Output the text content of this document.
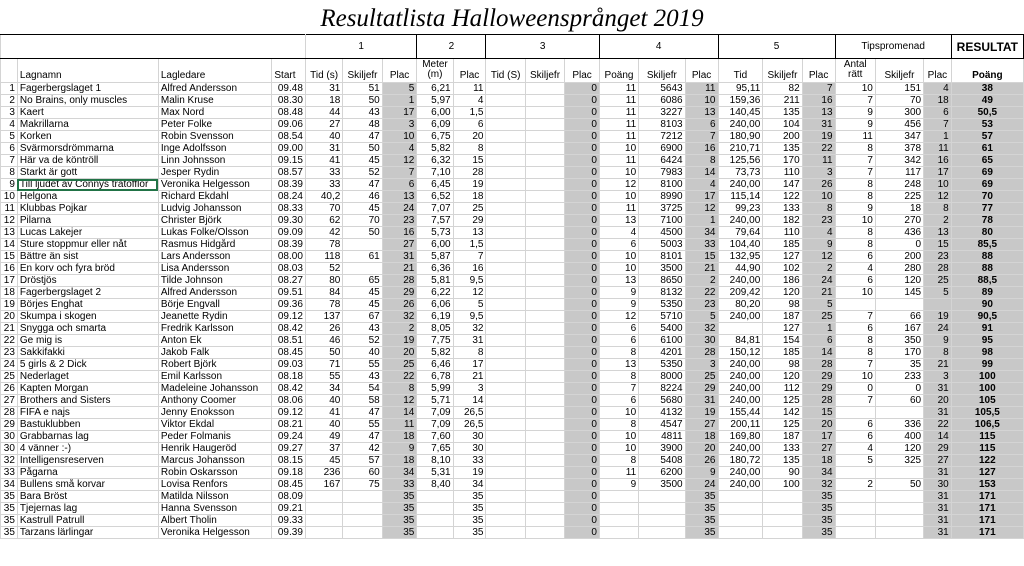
Resultatlista Halloweensprånget 2019
				1			2		3			4			5			Tipspromenad			RESULTAT
	Lagnamn	Lagledare	Start	Tid (s)	Skiljefr	Plac	Meter
(m)	Plac	Tid (S)	Skiljefr	Plac	Poäng	Skiljefr	Plac	Tid	Skiljefr	Plac	Antal
rätt	Skiljefr	Plac	Poäng
1	Fagerbergslaget 1	Alfred Andersson	09.48	31	51	5	6,21	11			0	11	5643	11	95,11	82	7	10	151	4	38
2	No Brains, only muscles	Malin Kruse	08.30	18	50	1	5,97	4			0	11	6086	10	159,36	211	16	7	70	18	49
3	Kaert	Max Nord	08.48	44	43	17	6,00	1,5			0	11	3227	13	140,45	135	13	9	300	6	50,5
4	Makrillarna	Peter Folke	09.06	27	48	3	6,09	6			0	11	8103	6	240,00	104	31	9	456	7	53
5	Korken	Robin Svensson	08.54	40	47	10	6,75	20			0	11	7212	7	180,90	200	19	11	347	1	57
6	Svärmorsdrömmarna	Inge Adolfsson	09.00	31	50	4	5,82	8			0	10	6900	16	210,71	135	22	8	378	11	61
7	Här va de köntröll	Linn Johnsson	09.15	41	45	12	6,32	15			0	11	6424	8	125,56	170	11	7	342	16	65
8	Starkt är gott	Jesper Rydin	08.57	33	52	7	7,10	28			0	10	7983	14	73,73	110	3	7	117	17	69
9	Till ljudet av Connys trätofflor	Veronika Helgesson	08.39	33	47	6	6,45	19			0	12	8100	4	240,00	147	26	8	248	10	69
10	Helgona	Richard Ekdahl	08.24	40,2	46	13	6,52	18			0	10	8990	17	115,14	122	10	8	225	12	70
11	Klubbas Pojkar	Ludvig Johansson	08.33	70	45	24	7,07	25			0	11	3725	12	99,23	133	8	9	18	8	77
12	Pilarna	Christer Björk	09.30	62	70	23	7,57	29			0	13	7100	1	240,00	182	23	10	270	2	78
13	Lucas Lakejer	Lukas Folke/Olsson	09.09	42	50	16	5,73	13			0	4	4500	34	79,64	110	4	8	436	13	80
14	Sture stoppmur eller nåt	Rasmus Hidgård	08.39	78		27	6,00	1,5			0	6	5003	33	104,40	185	9	8	0	15	85,5
15	Bättre än sist	Lars Andersson	08.00	118	61	31	5,87	7			0	10	8101	15	132,95	127	12	6	200	23	88
16	En korv och fyra bröd	Lisa Andersson	08.03	52		21	6,36	16			0	10	3500	21	44,90	102	2	4	280	28	88
17	Dröstjös	Tilde Johnson	08.27	80	65	28	5,81	9,5			0	13	8650	2	240,00	186	24	6	120	25	88,5
18	Fagerbergslaget 2	Alfred Andersson	09.51	84	45	29	6,22	12			0	9	8132	22	209,42	120	21	10	145	5	89
19	Börjes Enghat	Börje Engvall	09.36	78	45	26	6,06	5			0	9	5350	23	80,20	98	5				90
20	Skumpa i skogen	Jeanette Rydin	09.12	137	67	32	6,19	9,5			0	12	5710	5	240,00	187	25	7	66	19	90,5
21	Snygga och smarta	Fredrik Karlsson	08.42	26	43	2	8,05	32			0	6	5400	32		127	1	6	167	24	91
22	Ge mig is	Anton Ek	08.51	46	52	19	7,75	31			0	6	6100	30	84,81	154	6	8	350	9	95
23	Sakkifakki	Jakob Falk	08.45	50	40	20	5,82	8			0	8	4201	28	150,12	185	14	8	170	8	98
24	5 girls & 2 Dick	Robert Björk	09.03	71	55	25	6,46	17			0	13	5350	3	240,00	98	28	7	35	21	99
25	Nederlaget	Emil Karlsson	08.18	55	43	22	6,78	21			0	8	8000	25	240,00	120	29	10	233	3	100
26	Kapten Morgan	Madeleine Johansson	08.42	34	54	8	5,99	3			0	7	8224	29	240,00	112	29	0	0	31	100
27	Brothers and Sisters	Anthony Coomer	08.06	40	58	12	5,71	14			0	6	5680	31	240,00	125	28	7	60	20	105
28	FIFA e najs	Jenny Enoksson	09.12	41	47	14	7,09	26,5			0	10	4132	19	155,44	142	15			31	105,5
29	Bastuklubben	Viktor Ekdal	08.21	40	55	11	7,09	26,5			0	8	4547	27	200,11	125	20	6	336	22	106,5
30	Grabbarnas lag	Peder Folmanis	09.24	49	47	18	7,60	30			0	10	4811	18	169,80	187	17	6	400	14	115
30	4 vänner :-)	Henrik Haugeröd	09.27	37	42	9	7,65	30			0	10	3900	20	240,00	133	27	4	120	29	115
32	Intelligensreserven	Marcus Johansson	08.15	45	57	18	8,10	33			0	8	5408	26	180,72	135	18	5	325	27	122
33	Pågarna	Robin Oskarsson	09.18	236	60	34	5,31	19			0	11	6200	9	240,00	90	34			31	127
34	Bullens små korvar	Lovisa Renfors	08.45	167	75	33	8,40	34			0	9	3500	24	240,00	100	32	2	50	30	153
35	Bara Bröst	Matilda Nilsson	08.09			35		35			0			35			35			31	171
35	Tjejernas lag	Hanna Svensson	09.21			35		35			0			35			35			31	171
35	Kastrull Patrull	Albert Tholin	09.33			35		35			0			35			35			31	171
35	Tarzans lärlingar	Veronika Helgesson	09.39			35		35			0			35			35			31	171
